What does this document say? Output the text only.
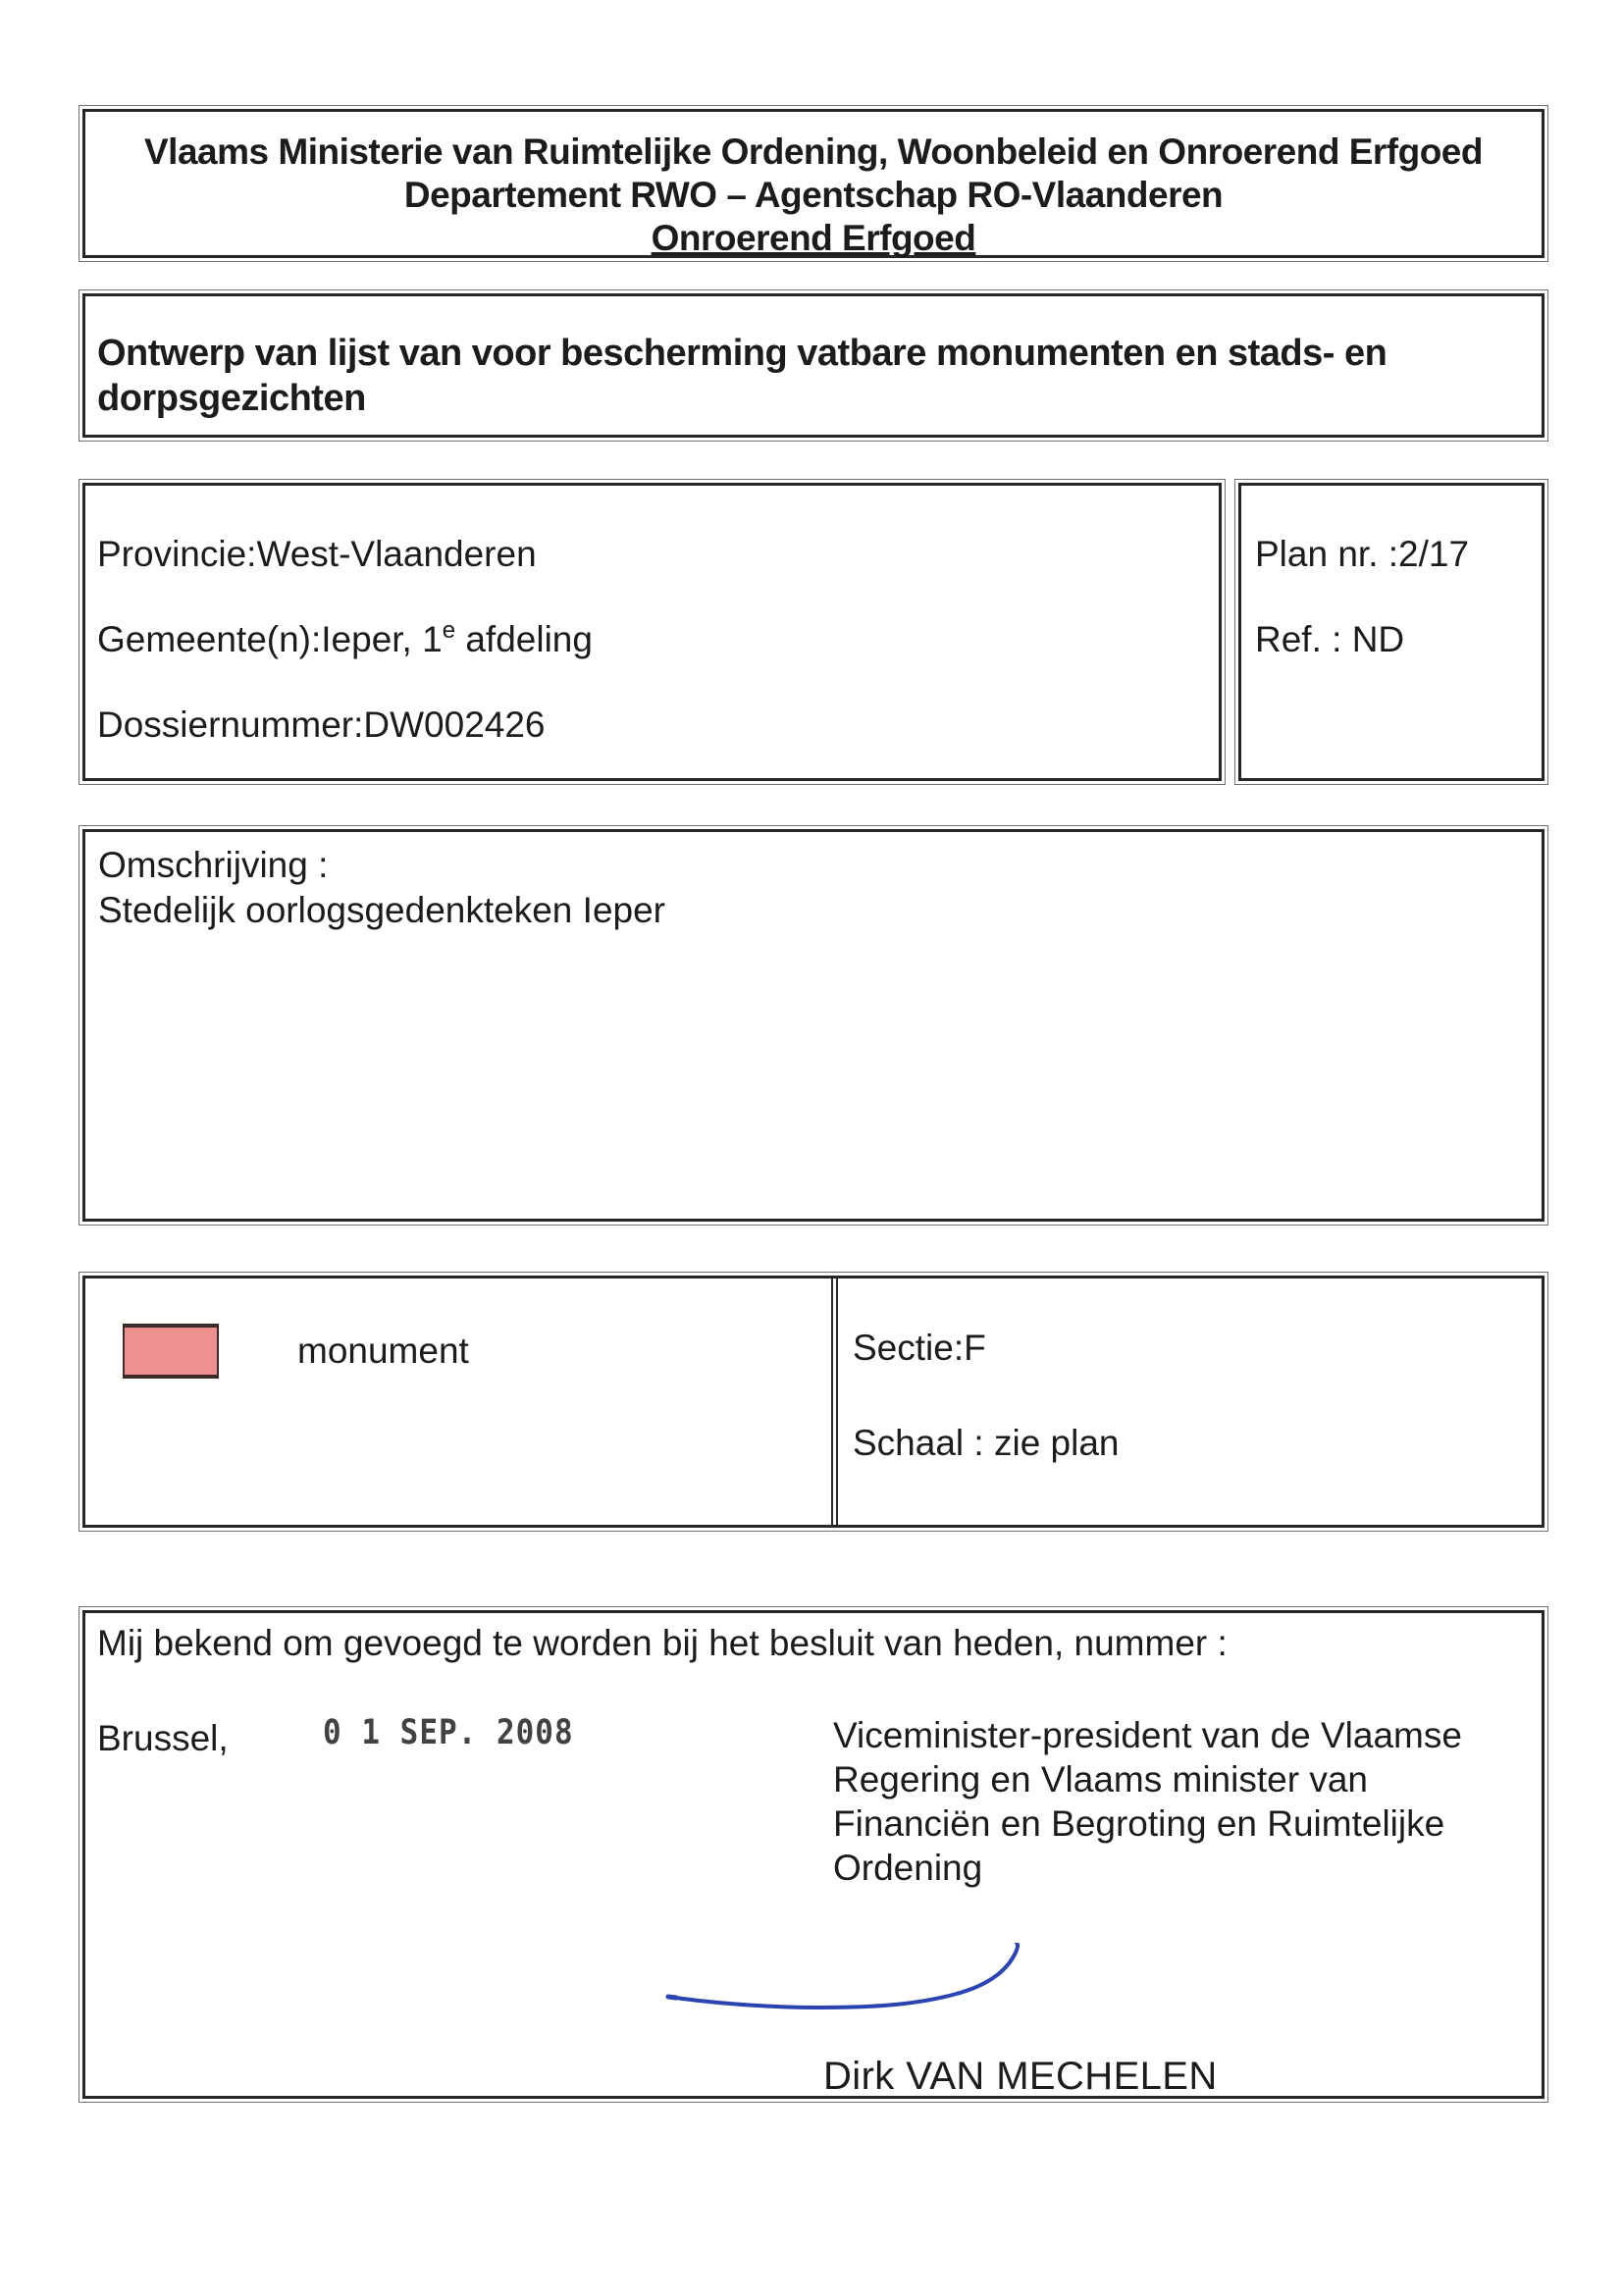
Vlaams Ministerie van Ruimtelijke Ordening, Woonbeleid en Onroerend Erfgoed
Departement RWO – Agentschap RO-Vlaanderen
Onroerend Erfgoed
Ontwerp van lijst van voor bescherming vatbare monumenten en stads- en
dorpsgezichten

Provincie:West-Vlaanderen

Gemeente(n):Ieper, 1e afdeling

Dossiernummer:DW002426

Plan nr. :2/17

Ref. : ND

Omschrijving :
Stedelijk oorlogsgedenkteken Ieper
monument	Sectie:F
Schaal : zie plan
Mij bekend om gevoegd te worden bij het besluit van heden, nummer :
Brussel,	0 1 SEP. 2008	Viceminister-president van de Vlaamse
Regering en Vlaams minister van
Financiën en Begroting en Ruimtelijke
Ordening
Dirk VAN MECHELEN
